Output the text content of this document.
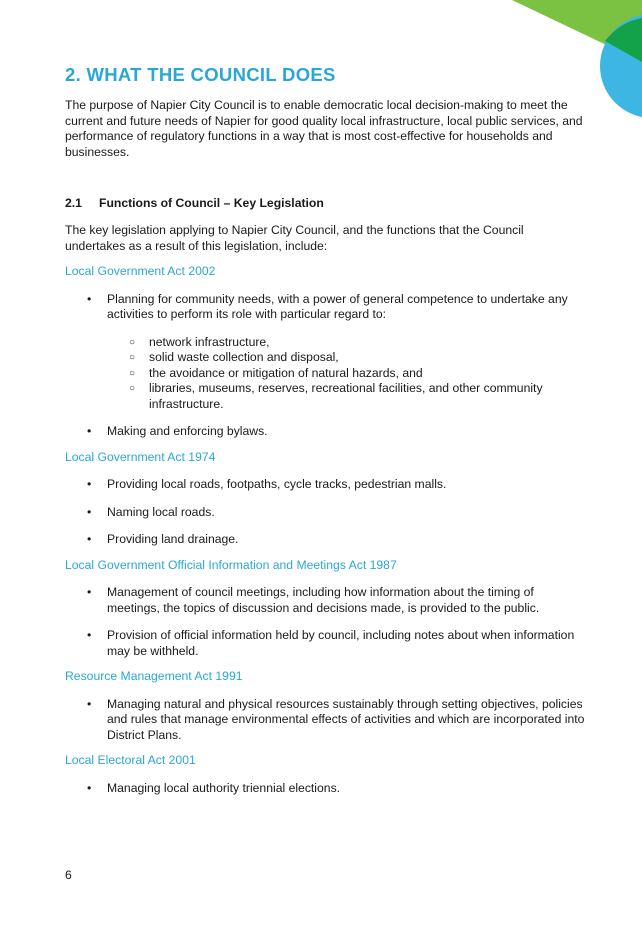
2. WHAT THE COUNCIL DOES

The purpose of Napier City Council is to enable democratic local decision-making to meet the current and future needs of Napier for good quality local infrastructure, local public services, and performance of regulatory functions in a way that is most cost-effective for households and businesses.

2.1 Functions of Council – Key Legislation

The key legislation applying to Napier City Council, and the functions that the Council undertakes as a result of this legislation, include:

Local Government Act 2002

• Planning for community needs, with a power of general competence to undertake any activities to perform its role with particular regard to:
○ network infrastructure,
○ solid waste collection and disposal,
○ the avoidance or mitigation of natural hazards, and
○ libraries, museums, reserves, recreational facilities, and other community infrastructure.
• Making and enforcing bylaws.

Local Government Act 1974

• Providing local roads, footpaths, cycle tracks, pedestrian malls.
• Naming local roads.
• Providing land drainage.

Local Government Official Information and Meetings Act 1987

• Management of council meetings, including how information about the timing of meetings, the topics of discussion and decisions made, is provided to the public.
• Provision of official information held by council, including notes about when information may be withheld.

Resource Management Act 1991

• Managing natural and physical resources sustainably through setting objectives, policies and rules that manage environmental effects of activities and which are incorporated into District Plans.

Local Electoral Act 2001

• Managing local authority triennial elections.
6
